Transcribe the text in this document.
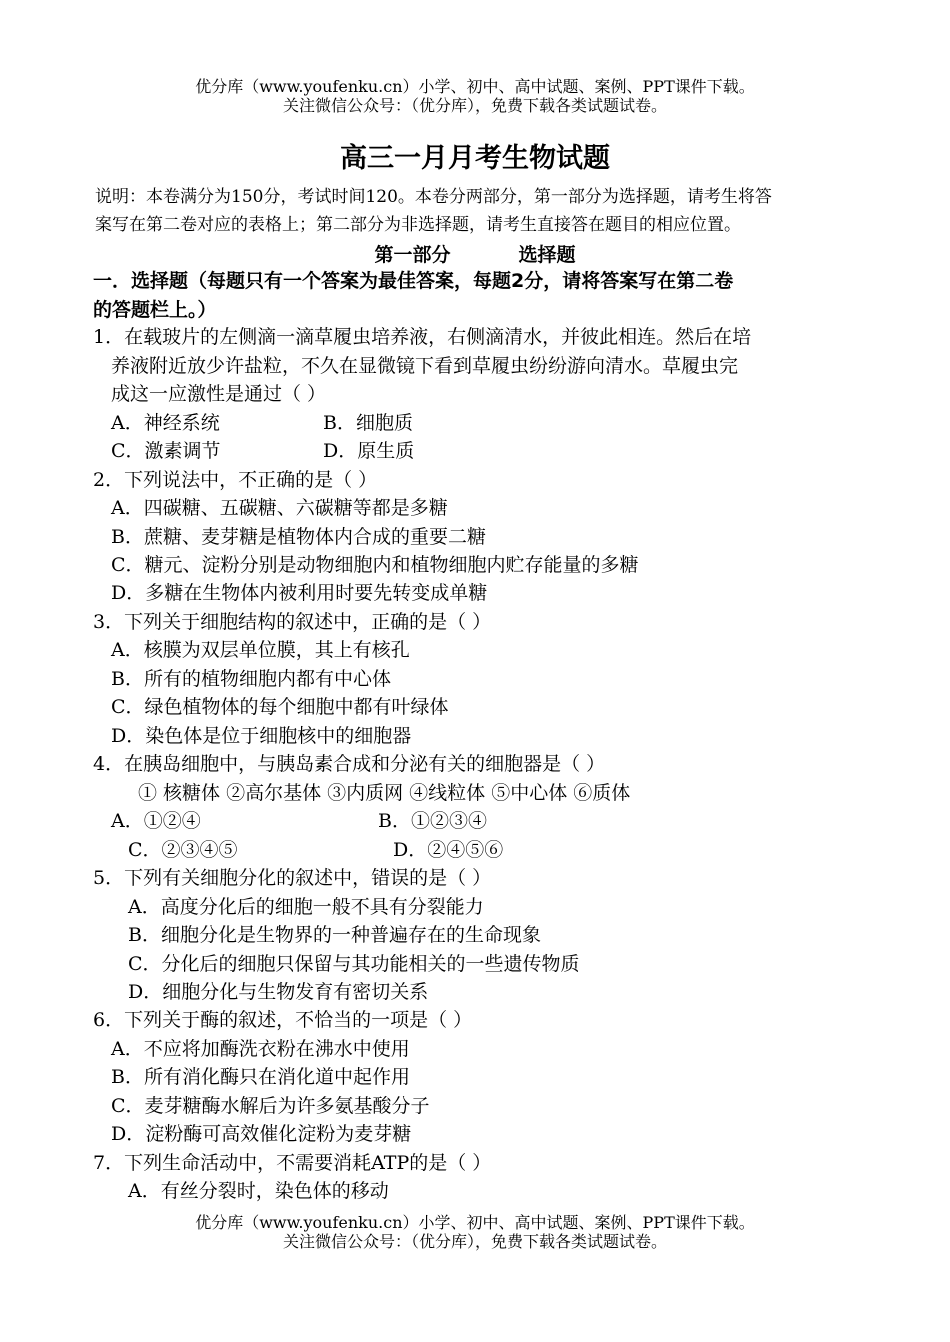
优分库（www.youfenku.cn）小学、初中、高中试题、案例、PPT课件下载。
关注微信公众号：（优分库），免费下载各类试题试卷。
高三一月月考生物试题
说明：本卷满分为150分，考试时间120。本卷分两部分，第一部分为选择题，请考生将答
案写在第二卷对应的表格上；第二部分为非选择题，请考生直接答在题目的相应位置。
第一部分	选择题
一．选择题（每题只有一个答案为最佳答案，每题2分，请将答案写在第二卷
的答题栏上。）
1．在载玻片的左侧滴一滴草履虫培养液，右侧滴清水，并彼此相连。然后在培
养液附近放少许盐粒，不久在显微镜下看到草履虫纷纷游向清水。草履虫完
成这一应激性是通过（ ）
A．神经系统	B．细胞质
C．激素调节	D．原生质
2．下列说法中，不正确的是（ ）
A．四碳糖、五碳糖、六碳糖等都是多糖
B．蔗糖、麦芽糖是植物体内合成的重要二糖
C．糖元、淀粉分别是动物细胞内和植物细胞内贮存能量的多糖
D．多糖在生物体内被利用时要先转变成单糖
3．下列关于细胞结构的叙述中，正确的是（ ）
A．核膜为双层单位膜，其上有核孔
B．所有的植物细胞内都有中心体
C．绿色植物体的每个细胞中都有叶绿体
D．染色体是位于细胞核中的细胞器
4．在胰岛细胞中，与胰岛素合成和分泌有关的细胞器是（ ）
① 核糖体 ②高尔基体 ③内质网 ④线粒体 ⑤中心体 ⑥质体
A．①②④	B．①②③④
C．②③④⑤	D．②④⑤⑥
5．下列有关细胞分化的叙述中，错误的是（ ）
A．高度分化后的细胞一般不具有分裂能力
B．细胞分化是生物界的一种普遍存在的生命现象
C．分化后的细胞只保留与其功能相关的一些遗传物质
D．细胞分化与生物发育有密切关系
6．下列关于酶的叙述，不恰当的一项是（ ）
A．不应将加酶洗衣粉在沸水中使用
B．所有消化酶只在消化道中起作用
C．麦芽糖酶水解后为许多氨基酸分子
D．淀粉酶可高效催化淀粉为麦芽糖
7．下列生命活动中，不需要消耗ATP的是（ ）
A．有丝分裂时，染色体的移动
优分库（www.youfenku.cn）小学、初中、高中试题、案例、PPT课件下载。
关注微信公众号：（优分库），免费下载各类试题试卷。
